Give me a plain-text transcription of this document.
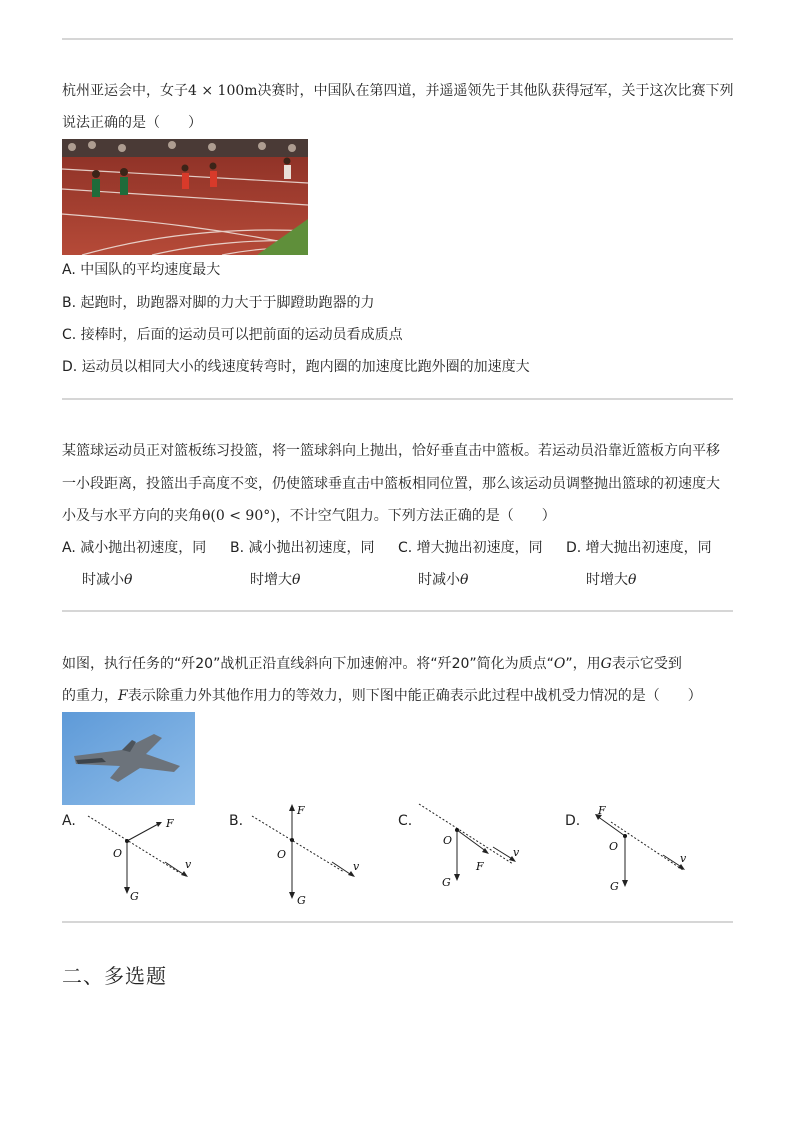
杭州亚运会中，女子4 × 100m决赛时，中国队在第四道，并遥遥领先于其他队获得冠军，关于这次比赛下列
说法正确的是（　　）
A. 中国队的平均速度最大
B. 起跑时，助跑器对脚的力大于于脚蹬助跑器的力
C. 接棒时，后面的运动员可以把前面的运动员看成质点
D. 运动员以相同大小的线速度转弯时，跑内圈的加速度比跑外圈的加速度大
某篮球运动员正对篮板练习投篮，将一篮球斜向上抛出，恰好垂直击中篮板。若运动员沿靠近篮板方向平移
一小段距离，投篮出手高度不变，仍使篮球垂直击中篮板相同位置，那么该运动员调整抛出篮球的初速度大
小及与水平方向的夹角θ(0 < 90°)，不计空气阻力。下列方法正确的是（　　）
A. 减小抛出初速度，同
时减小θ
B. 减小抛出初速度，同
时增大θ
C. 增大抛出初速度，同
时减小θ
D. 增大抛出初速度，同
时增大θ
如图，执行任务的“歼20”战机正沿直线斜向下加速俯冲。将“歼20”简化为质点“O”，用G表示它受到
的重力，F表示除重力外其他作用力的等效力，则下图中能正确表示此过程中战机受力情况的是（　　）
A.
O
F
G
v
B.
O
F
G
v
C.
O
F
G
v
D.
O
F
G
v
二、多选题
